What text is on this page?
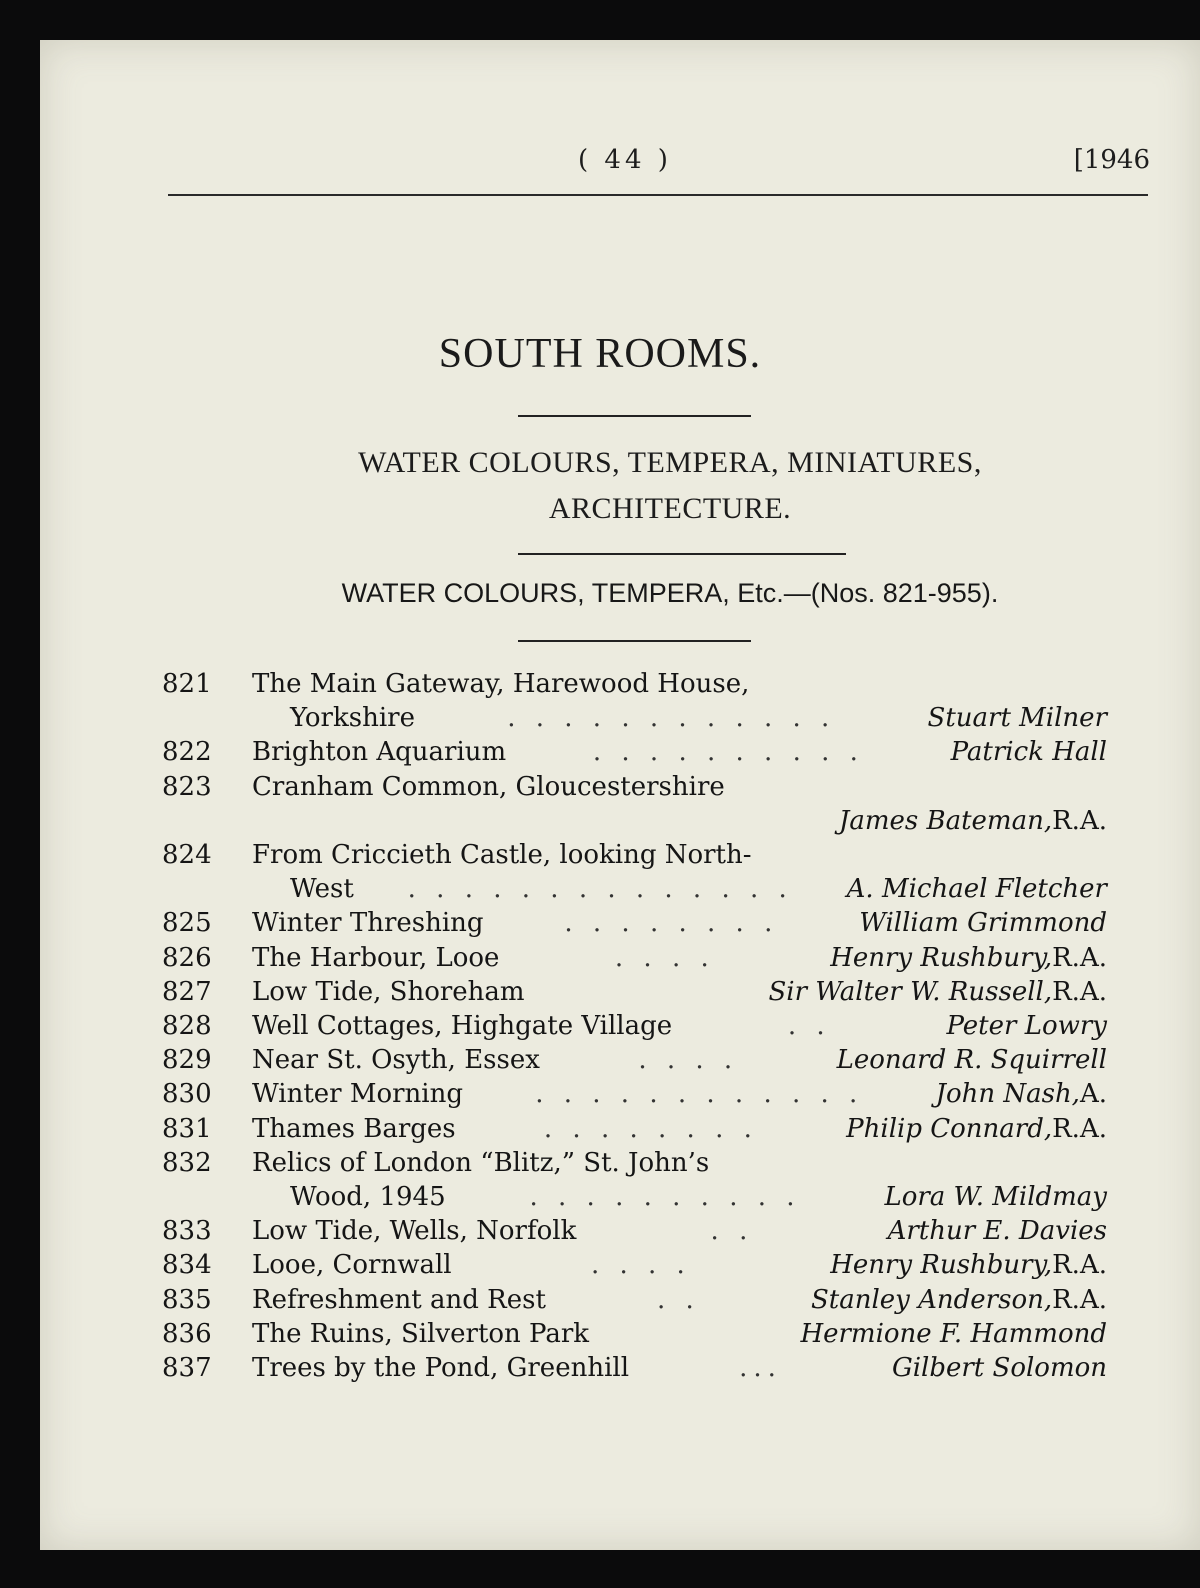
( 44 )	[1946
SOUTH ROOMS.
WATER COLOURS, TEMPERA, MINIATURES,
ARCHITECTURE.
WATER COLOURS, TEMPERA, Etc.—(Nos. 821-955).
821	The Main Gateway, Harewood House,
Yorkshire	. . . . . . . . . . . .	Stuart Milner
822	Brighton Aquarium	. . . . . . . . . .	Patrick Hall
823	Cranham Common, Gloucestershire
James Bateman, R.A.
824	From Criccieth Castle, looking North-
West	. . . . . . . . . . . . . .	A. Michael Fletcher
825	Winter Threshing	. . . . . . . .	William Grimmond
826	The Harbour, Looe	. . . .	Henry Rushbury, R.A.
827	Low Tide, Shoreham	Sir Walter W. Russell, R.A.
828	Well Cottages, Highgate Village	. .	Peter Lowry
829	Near St. Osyth, Essex	. . . .	Leonard R. Squirrell
830	Winter Morning	. . . . . . . . . . . .	John Nash, A.
831	Thames Barges	. . . . . . . .	Philip Connard, R.A.
832	Relics of London “Blitz,” St. John’s
Wood, 1945	. . . . . . . . . .	Lora W. Mildmay
833	Low Tide, Wells, Norfolk	. .	Arthur E. Davies
834	Looe, Cornwall	. . . .	Henry Rushbury, R.A.
835	Refreshment and Rest	. .	Stanley Anderson, R.A.
836	The Ruins, Silverton Park	Hermione F. Hammond
837	Trees by the Pond, Greenhill	...	Gilbert Solomon
